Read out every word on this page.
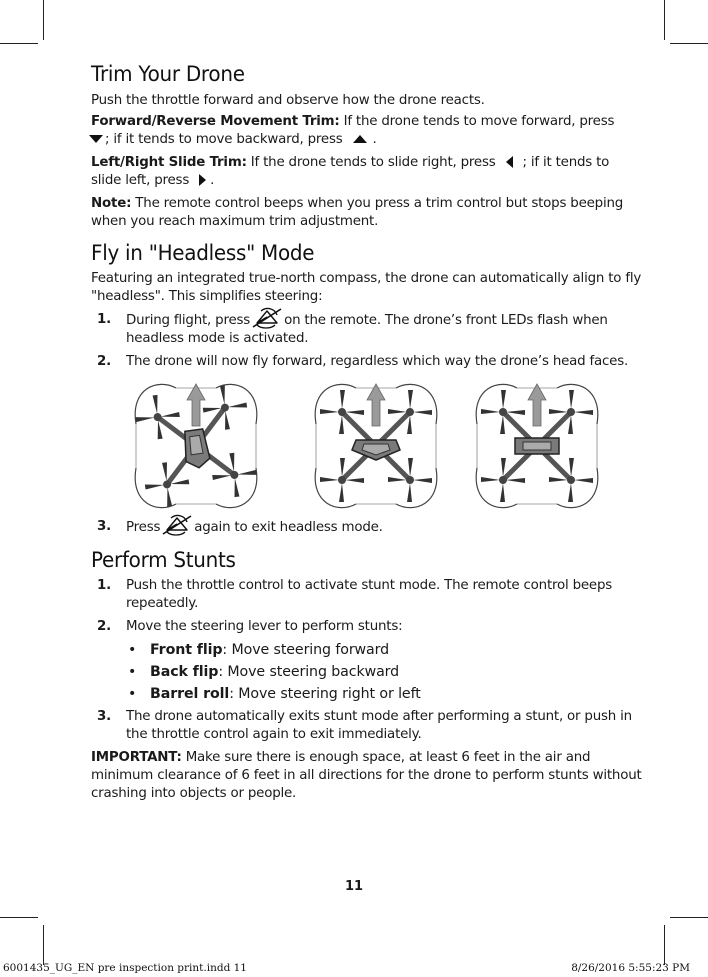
Trim Your Drone

Push the throttle forward and observe how the drone reacts.

Forward/Reverse Movement Trim: If the drone tends to move forward, press
; if it tends to move backward, press .

Left/Right Slide Trim: If the drone tends to slide right, press ; if it tends to slide left, press .

Note: The remote control beeps when you press a trim control but stops beeping when you reach maximum trim adjustment.

Fly in "Headless" Mode

Featuring an integrated true-north compass, the drone can automatically align to fly "headless". This simplifies steering:

1. During flight, press	on the remote. The drone’s front LEDs flash when headless mode is activated.
2. The drone will now fly forward, regardless which way the drone’s head faces.
3. Press	again to exit headless mode.
Perform Stunts
1. Push the throttle control to activate stunt mode. The remote control beeps repeatedly.
2. Move the steering lever to perform stunts:
• Front flip: Move steering forward
• Back flip: Move steering backward
• Barrel roll: Move steering right or left
3. The drone automatically exits stunt mode after performing a stunt, or push in the throttle control again to exit immediately.

IMPORTANT: Make sure there is enough space, at least 6 feet in the air and minimum clearance of 6 feet in all directions for the drone to perform stunts without crashing into objects or people.

11
6001435_UG_EN pre inspection print.indd 11	8/26/2016 5:55:23 PM
